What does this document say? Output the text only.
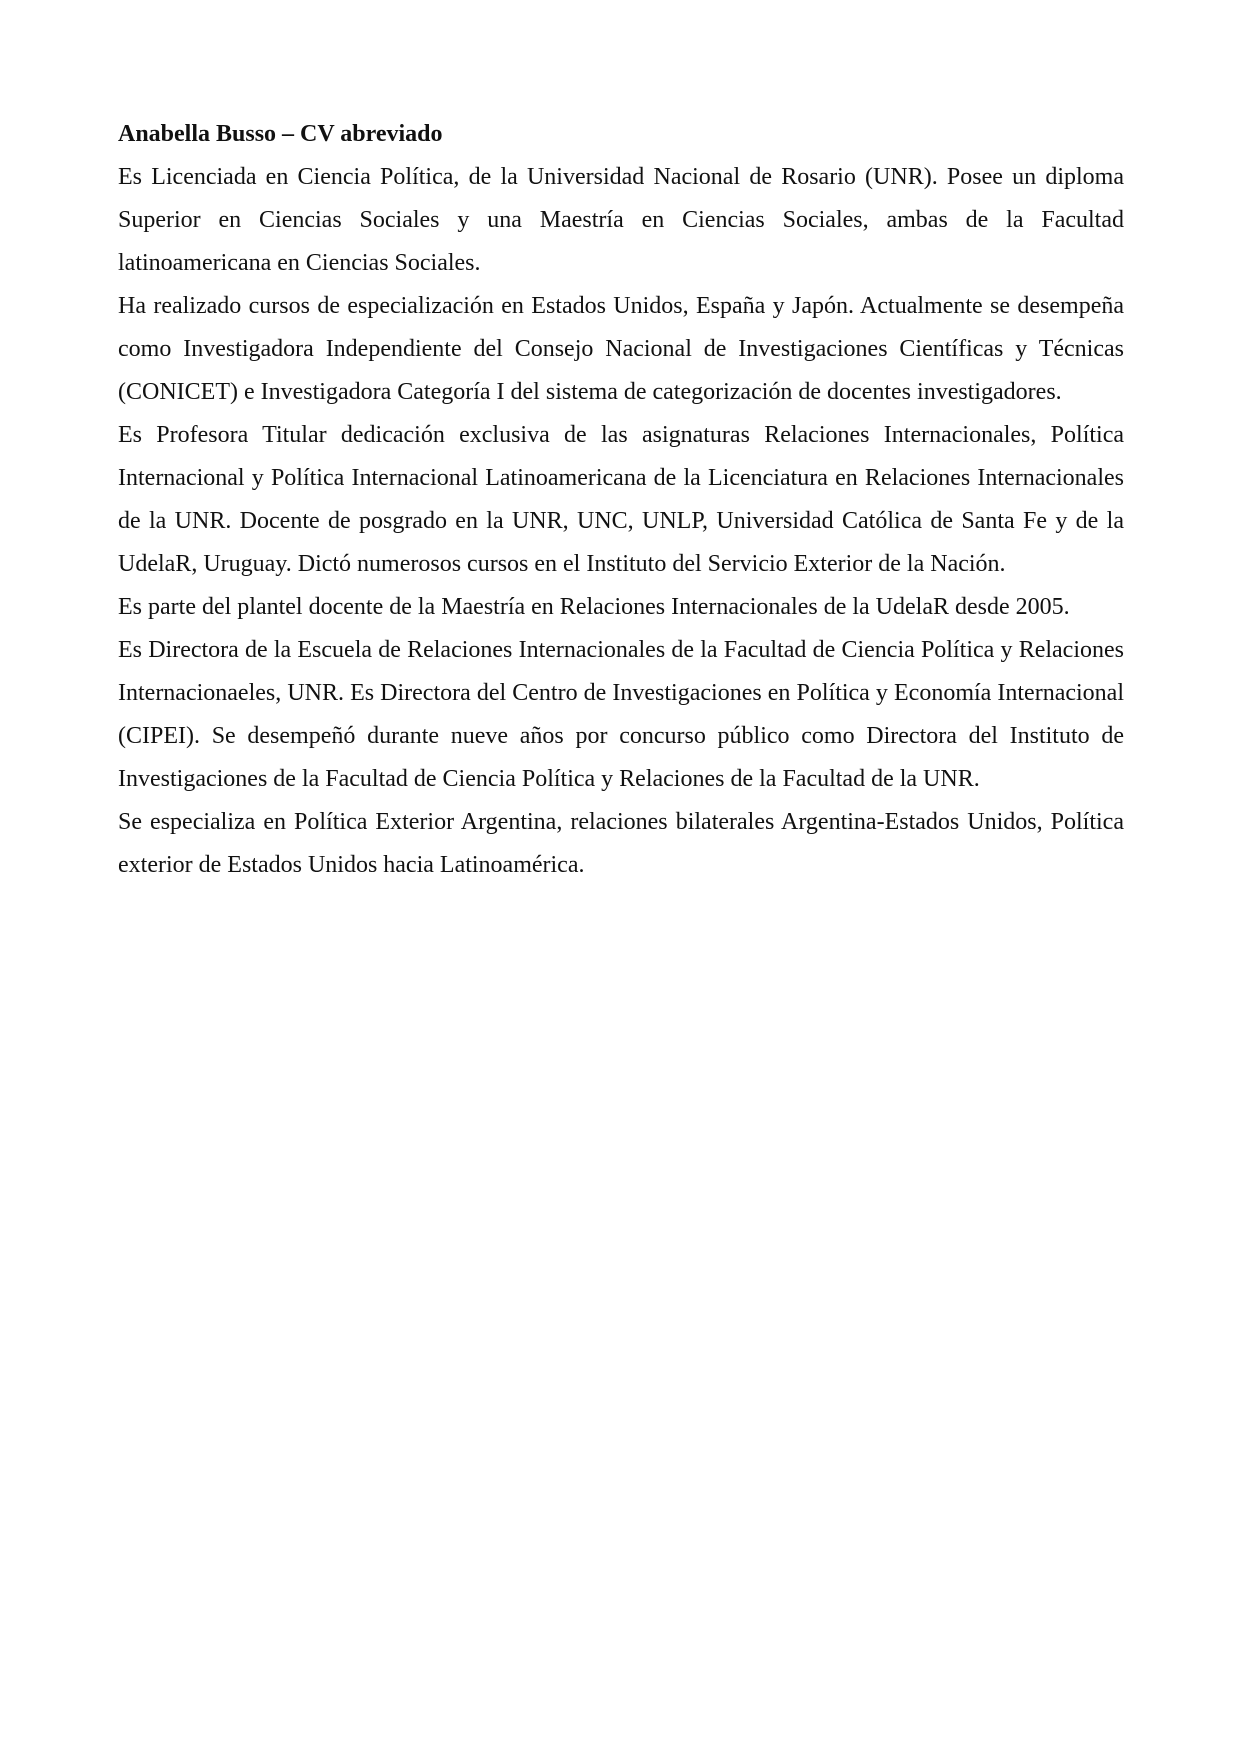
Anabella Busso – CV abreviado

Es Licenciada en Ciencia Política, de la Universidad Nacional de Rosario (UNR). Posee un diploma Superior en Ciencias Sociales y una Maestría en Ciencias Sociales, ambas de la Facultad latinoamericana en Ciencias Sociales.

Ha realizado cursos de especialización en Estados Unidos, España y Japón. Actualmente se desempeña como Investigadora Independiente del Consejo Nacional de Investigaciones Científicas y Técnicas (CONICET) e Investigadora Categoría I del sistema de categorización de docentes investigadores.

Es Profesora Titular dedicación exclusiva de las asignaturas Relaciones Internacionales, Política Internacional y Política Internacional Latinoamericana de la Licenciatura en Relaciones Internacionales de la UNR. Docente de posgrado en la UNR, UNC, UNLP, Universidad Católica de Santa Fe y de la UdelaR, Uruguay. Dictó numerosos cursos en el Instituto del Servicio Exterior de la Nación.

Es parte del plantel docente de la Maestría en Relaciones Internacionales de la UdelaR desde 2005.

Es Directora de la Escuela de Relaciones Internacionales de la Facultad de Ciencia Política y Relaciones Internacionaeles, UNR. Es Directora del Centro de Investigaciones en Política y Economía Internacional (CIPEI). Se desempeñó durante nueve años por concurso público como Directora del Instituto de Investigaciones de la Facultad de Ciencia Política y Relaciones de la Facultad de la UNR.

Se especializa en Política Exterior Argentina, relaciones bilaterales Argentina-Estados Unidos, Política exterior de Estados Unidos hacia Latinoamérica.
